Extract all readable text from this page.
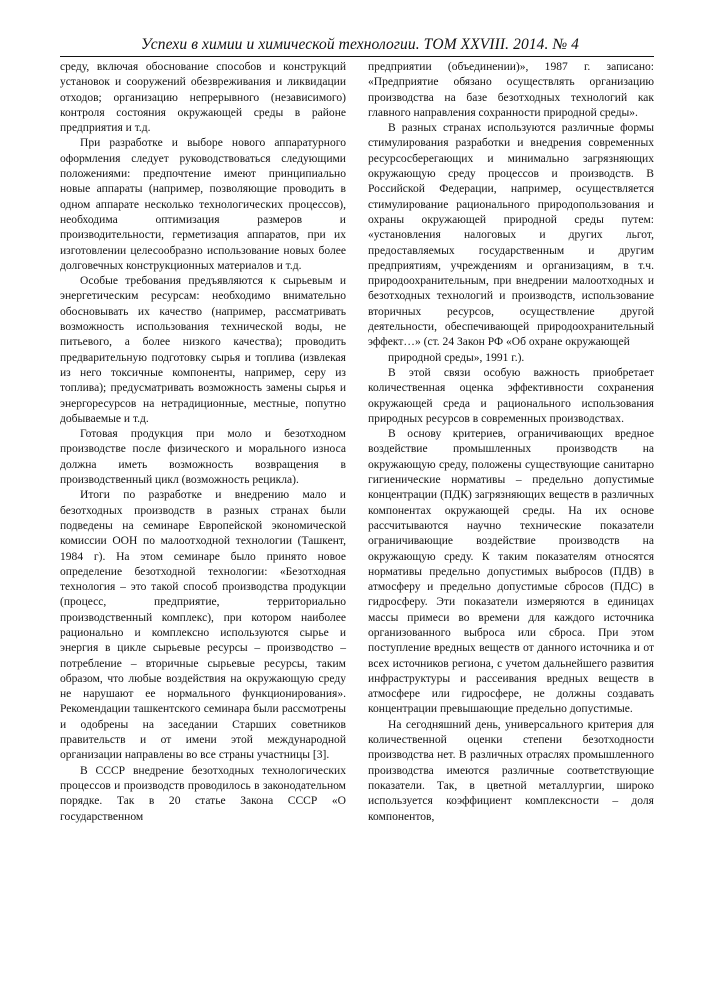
Успехи в химии и химической технологии. ТОМ XXVIII. 2014. № 4

среду, включая обоснование способов и конструкций установок и сооружений обезвреживания и ликвидации отходов; организацию непрерывного (независимого) контроля состояния окружающей среды в районе предприятия и т.д.

При разработке и выборе нового аппаратурного оформления следует руководствоваться следующими положениями: предпочтение имеют принципиально новые аппараты (например, позволяющие проводить в одном аппарате несколько технологических процессов), необходима оптимизация размеров и производительности, герметизация аппаратов, при их изготовлении целесообразно использование новых более долговечных конструкционных материалов и т.д.

Особые требования предъявляются к сырьевым и энергетическим ресурсам: необходимо внимательно обосновывать их качество (например, рассматривать возможность использования технической воды, не питьевого, а более низкого качества); проводить предварительную подготовку сырья и топлива (извлекая из него токсичные компоненты, например, серу из топлива); предусматривать возможность замены сырья и энергоресурсов на нетрадиционные, местные, попутно добываемые и т.д.

Готовая продукция при моло и безотходном производстве после физического и морального износа должна иметь возможность возвращения в производственный цикл (возможность рецикла).

Итоги по разработке и внедрению мало и безотходных производств в разных странах были подведены на семинаре Европейской экономической комиссии ООН по малоотходной технологии (Ташкент, 1984 г). На этом семинаре было принято новое определение безотходной технологии: «Безотходная технология – это такой способ производства продукции (процесс, предприятие, территориально производственный комплекс), при котором наиболее рационально и комплексно используются сырье и энергия в цикле сырьевые ресурсы – производство – потребление – вторичные сырьевые ресурсы, таким образом, что любые воздействия на окружающую среду не нарушают ее нормального функционирования». Рекомендации ташкентского семинара были рассмотрены и одобрены на заседании Старших советников правительств и от имени этой международной организации направлены во все страны участницы [3].

В СССР внедрение безотходных технологических процессов и производств проводилось в законодательном порядке. Так в 20 статье Закона СССР «О государственном

предприятии (объединении)», 1987 г. записано: «Предприятие обязано осуществлять организацию производства на базе безотходных технологий как главного направления сохранности природной среды».

В разных странах используются различные формы стимулирования разработки и внедрения современных ресурсосберегающих и минимально загрязняющих окружающую среду процессов и производств. В Российской Федерации, например, осуществляется стимулирование рационального природопользования и охраны окружающей природной среды путем: «установления налоговых и других льгот, предоставляемых государственным и другим предприятиям, учреждениям и организациям, в т.ч. природоохранительным, при внедрении малоотходных и безотходных технологий и производств, использование вторичных ресурсов, осуществление другой деятельности, обеспечивающей природоохранительный эффект…» (ст. 24 Закон РФ «Об охране окружающей

природной среды», 1991 г.).

В этой связи особую важность приобретает количественная оценка эффективности сохранения окружающей среда и рационального использования природных ресурсов в современных производствах.

В основу критериев, ограничивающих вредное воздействие промышленных производств на окружающую среду, положены существующие санитарно гигиенические нормативы – предельно допустимые концентрации (ПДК) загрязняющих веществ в различных компонентах окружающей среды. На их основе рассчитываются научно технические показатели ограничивающие воздействие производств на окружающую среду. К таким показателям относятся нормативы предельно допустимых выбросов (ПДВ) в атмосферу и предельно допустимые сбросов (ПДС) в гидросферу. Эти показатели измеряются в единицах массы примеси во времени для каждого источника организованного выброса или сброса. При этом поступление вредных веществ от данного источника и от всех источников региона, с учетом дальнейшего развития инфраструктуры и рассеивания вредных веществ в атмосфере или гидросфере, не должны создавать концентрации превышающие предельно допустимые.

На сегодняшний день, универсального критерия для количественной оценки степени безотходности производства нет. В различных отраслях промышленного производства имеются различные соответствующие показатели. Так, в цветной металлургии, широко используется коэффициент комплексности – доля компонентов,
